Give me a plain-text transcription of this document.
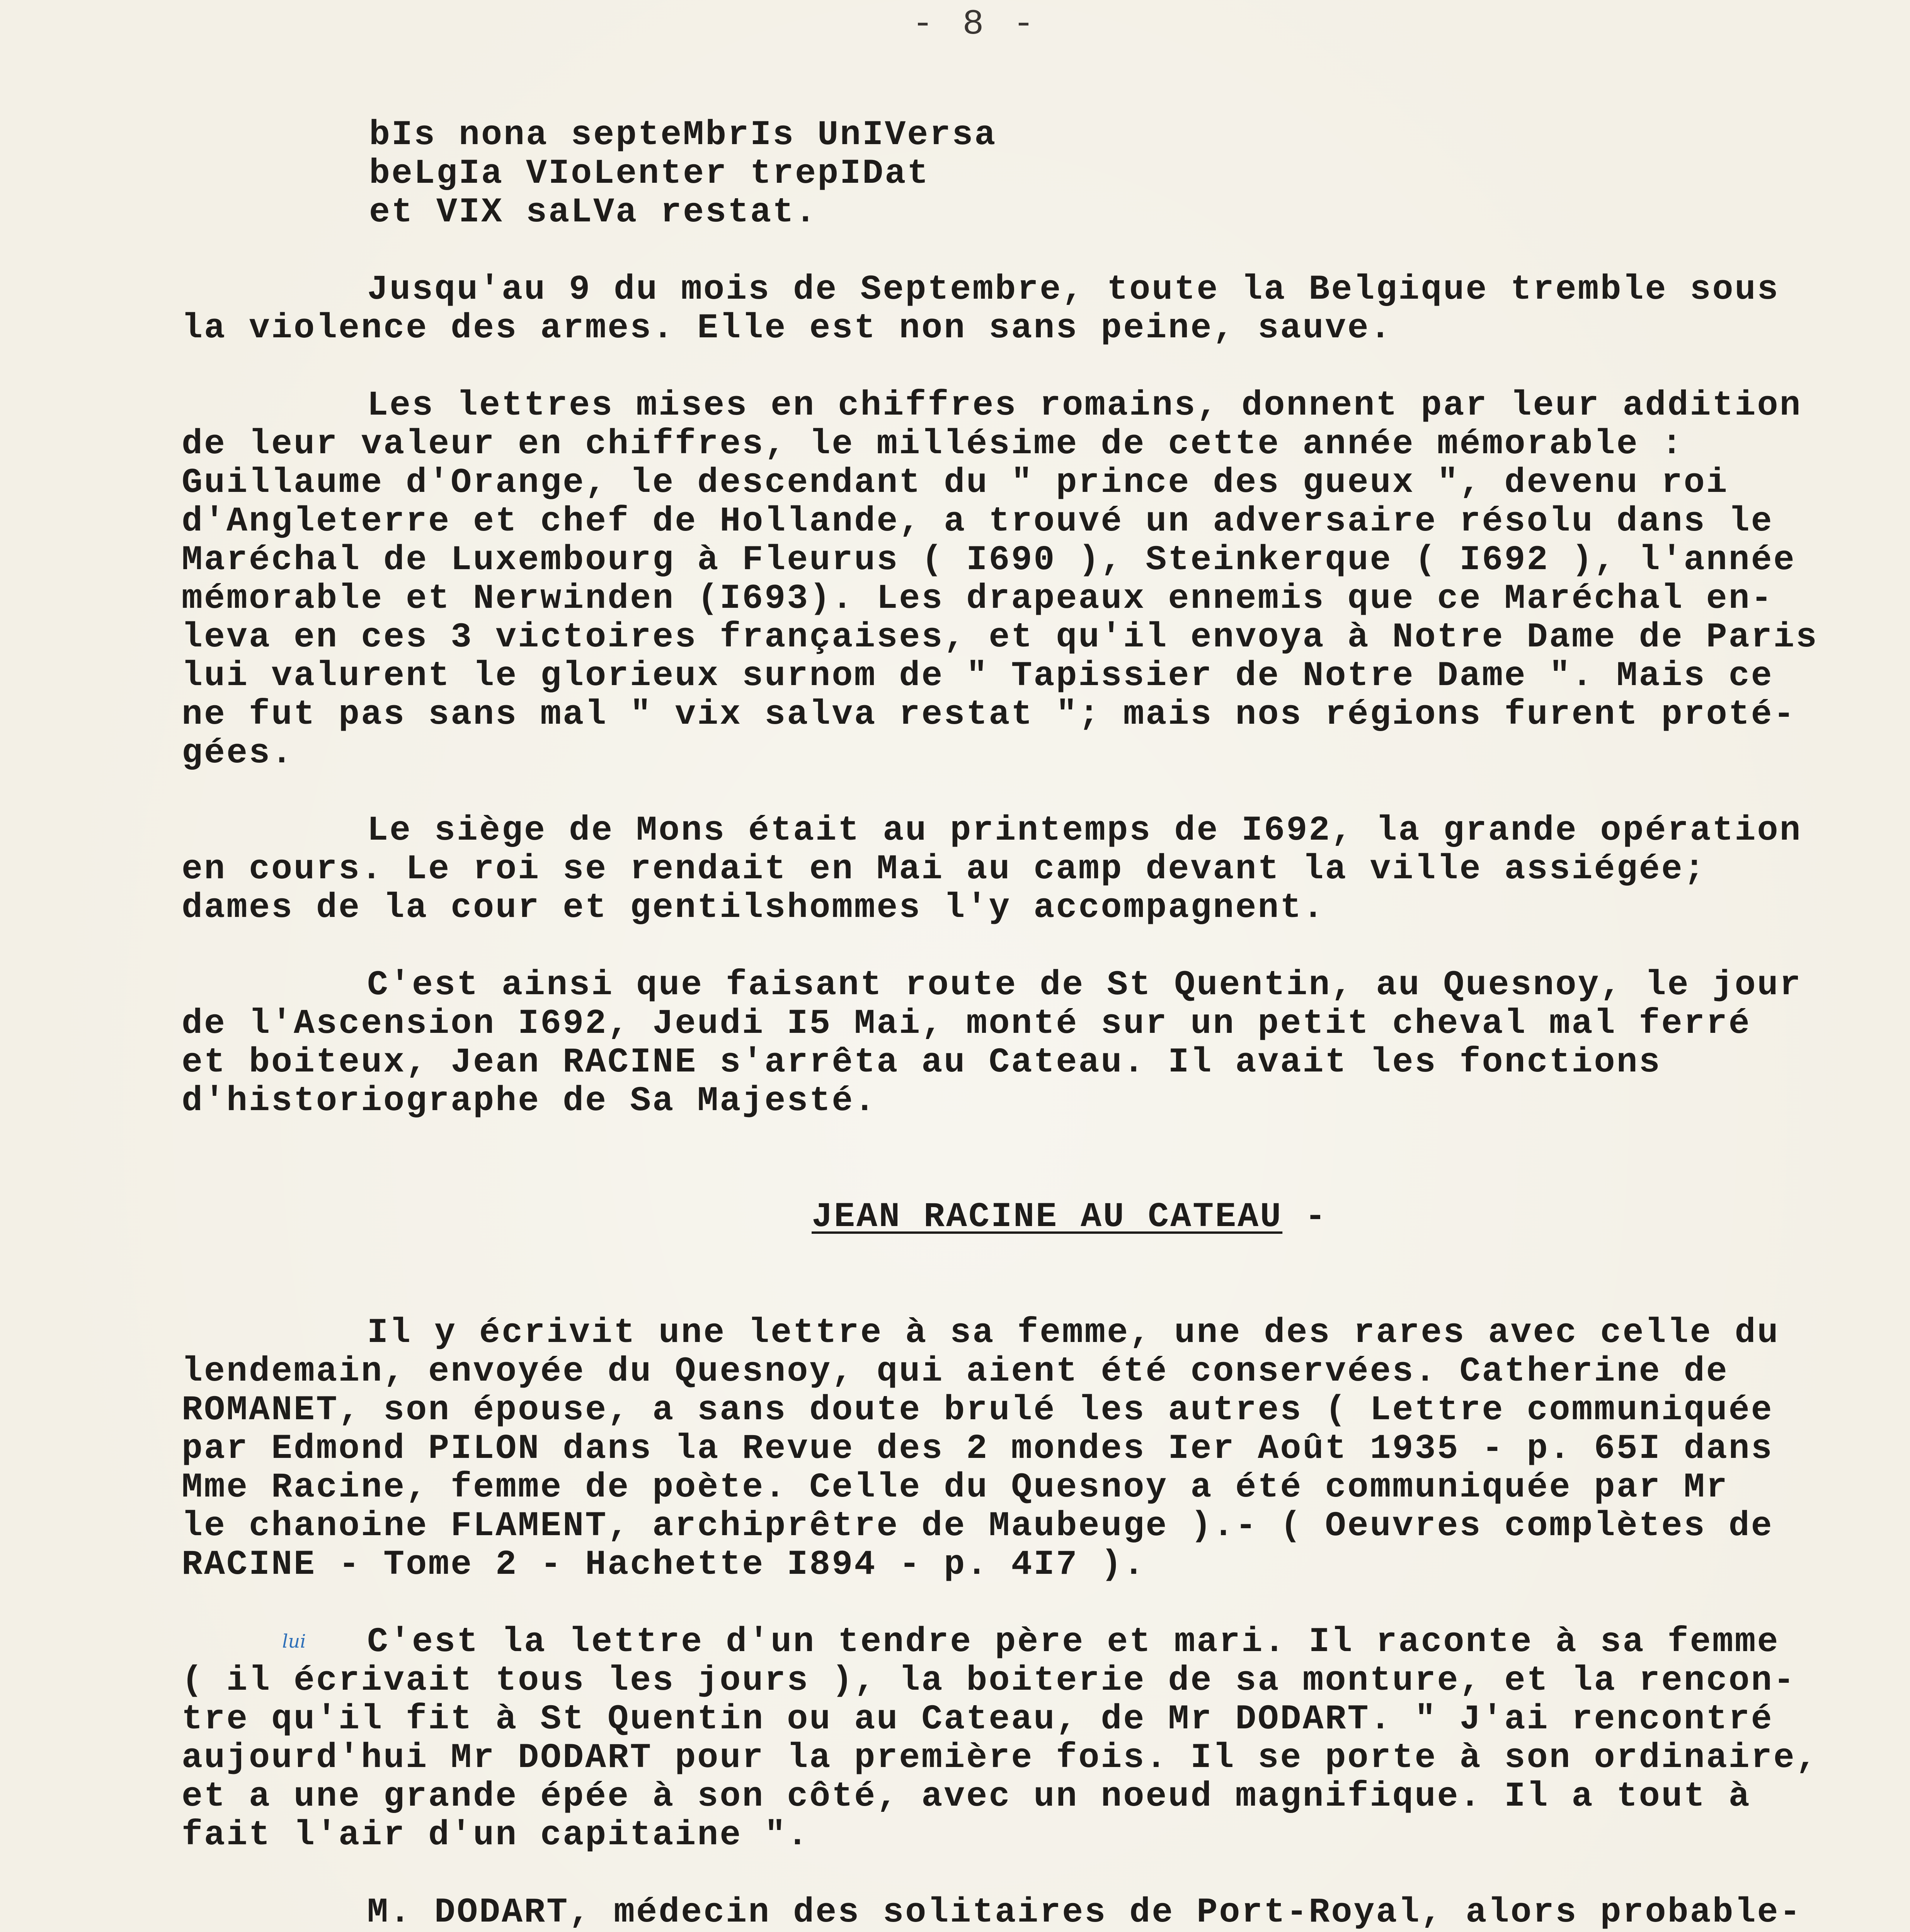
- 8 -
bIs nona septeMbrIs UnIVersa
beLgIa VIoLenter trepIDat
et VIX saLVa restat.
Jusqu'au 9 du mois de Septembre, toute la Belgique tremble sous
la violence des armes. Elle est non sans peine, sauve.
Les lettres mises en chiffres romains, donnent par leur addition
de leur valeur en chiffres, le millésime de cette année mémorable :
Guillaume d'Orange, le descendant du " prince des gueux ", devenu roi
d'Angleterre et chef de Hollande, a trouvé un adversaire résolu dans le
Maréchal de Luxembourg à Fleurus ( I690 ), Steinkerque ( I692 ), l'année
mémorable et Nerwinden (I693). Les drapeaux ennemis que ce Maréchal en-
leva en ces 3 victoires françaises, et qu'il envoya à Notre Dame de Paris
lui valurent le glorieux surnom de " Tapissier de Notre Dame ". Mais ce
ne fut pas sans mal " vix salva restat "; mais nos régions furent proté-
gées.
Le siège de Mons était au printemps de I692, la grande opération
en cours. Le roi se rendait en Mai au camp devant la ville assiégée;
dames de la cour et gentilshommes l'y accompagnent.
C'est ainsi que faisant route de St Quentin, au Quesnoy, le jour
de l'Ascension I692, Jeudi I5 Mai, monté sur un petit cheval mal ferré
et boiteux, Jean RACINE s'arrêta au Cateau. Il avait les fonctions
d'historiographe de Sa Majesté.
JEAN RACINE AU CATEAU -
Il y écrivit une lettre à sa femme, une des rares avec celle du
lendemain, envoyée du Quesnoy, qui aient été conservées. Catherine de
ROMANET, son épouse, a sans doute brulé les autres ( Lettre communiquée
par Edmond PILON dans la Revue des 2 mondes Ier Août 1935 - p. 65I dans
Mme Racine, femme de poète. Celle du Quesnoy a été communiquée par Mr
le chanoine FLAMENT, archiprêtre de Maubeuge ).- ( Oeuvres complètes de
RACINE - Tome 2 - Hachette I894 - p. 4I7 ).
lui C'est la lettre d'un tendre père et mari. Il raconte à sa femme
( il écrivait tous les jours ), la boiterie de sa monture, et la rencon-
tre qu'il fit à St Quentin ou au Cateau, de Mr DODART. " J'ai rencontré
aujourd'hui Mr DODART pour la première fois. Il se porte à son ordinaire,
et a une grande épée à son côté, avec un noeud magnifique. Il a tout à
fait l'air d'un capitaine ".
M. DODART, médecin des solitaires de Port-Royal, alors probable-
